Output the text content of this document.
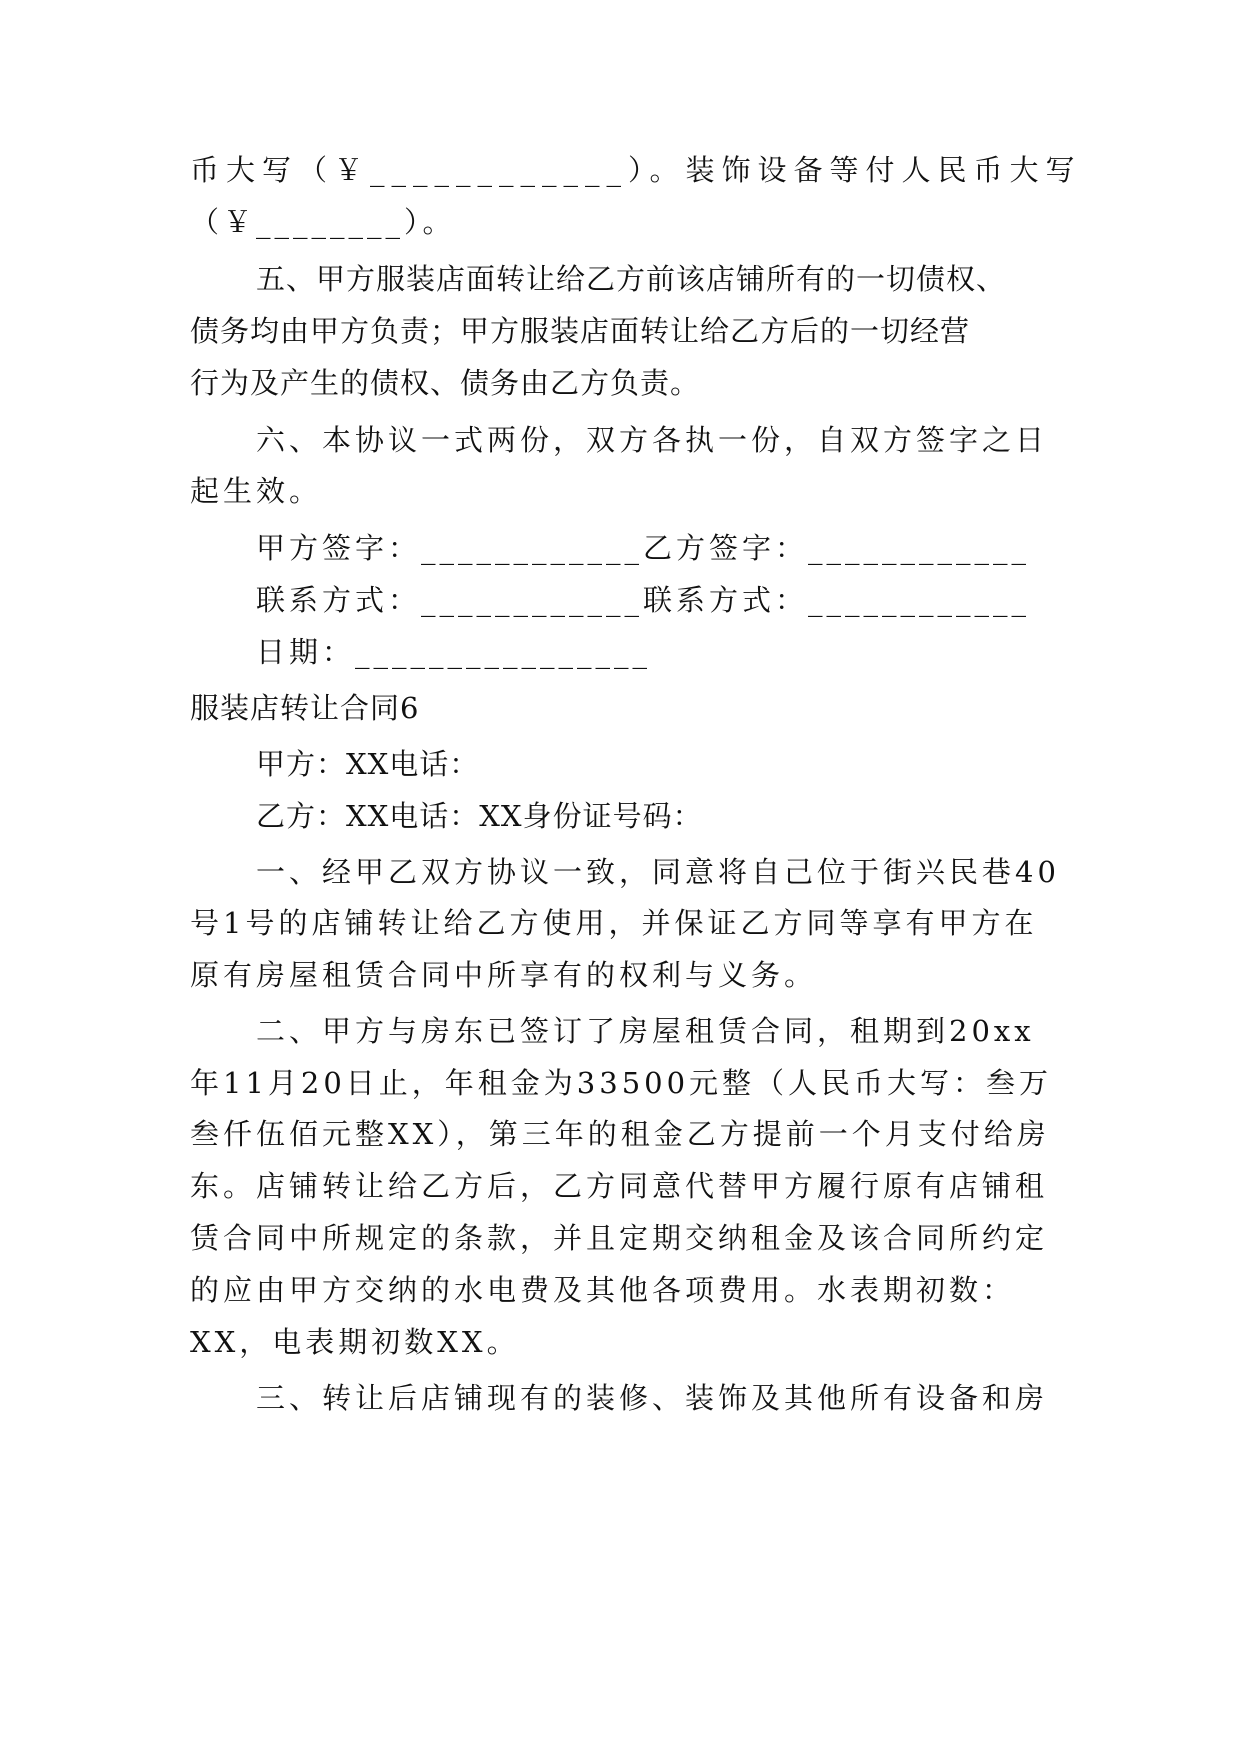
币大写（￥____________）。装饰设备等付人民币大写
（￥________）。
五、甲方服装店面转让给乙方前该店铺所有的一切债权、
债务均由甲方负责；甲方服装店面转让给乙方后的一切经营
行为及产生的债权、债务由乙方负责。
六、本协议一式两份，双方各执一份，自双方签字之日
起生效。
甲方签字：____________乙方签字：____________
联系方式：____________联系方式：____________
日期：________________
服装店转让合同6
甲方：XX电话：
乙方：XX电话：XX身份证号码：
一、经甲乙双方协议一致，同意将自己位于街兴民巷40
号1号的店铺转让给乙方使用，并保证乙方同等享有甲方在
原有房屋租赁合同中所享有的权利与义务。
二、甲方与房东已签订了房屋租赁合同，租期到20xx
年11月20日止，年租金为33500元整（人民币大写：叁万
叁仟伍佰元整XX），第三年的租金乙方提前一个月支付给房
东。店铺转让给乙方后，乙方同意代替甲方履行原有店铺租
赁合同中所规定的条款，并且定期交纳租金及该合同所约定
的应由甲方交纳的水电费及其他各项费用。水表期初数：
XX，电表期初数XX。
三、转让后店铺现有的装修、装饰及其他所有设备和房
